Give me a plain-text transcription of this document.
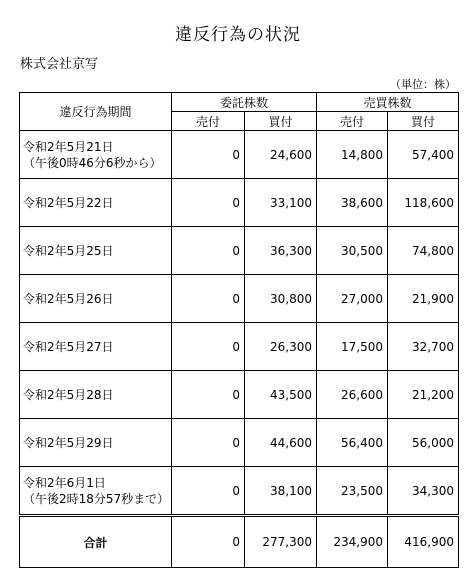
違反行為の状況
株式会社京写
（単位：株）
違反行為期間	委託株数		売買株数	
	売付	買付	売付	買付

令和2年5月21日
（午後0時46分6秒から）	0	24,600	14,800	57,400

令和2年5月22日	0	33,100	38,600	118,600

令和2年5月25日	0	36,300	30,500	74,800

令和2年5月26日	0	30,800	27,000	21,900

令和2年5月27日	0	26,300	17,500	32,700

令和2年5月28日	0	43,500	26,600	21,200

令和2年5月29日	0	44,600	56,400	56,000

令和2年6月1日
（午後2時18分57秒まで）	0	38,100	23,500	34,300
合計	0	277,300	234,900	416,900
